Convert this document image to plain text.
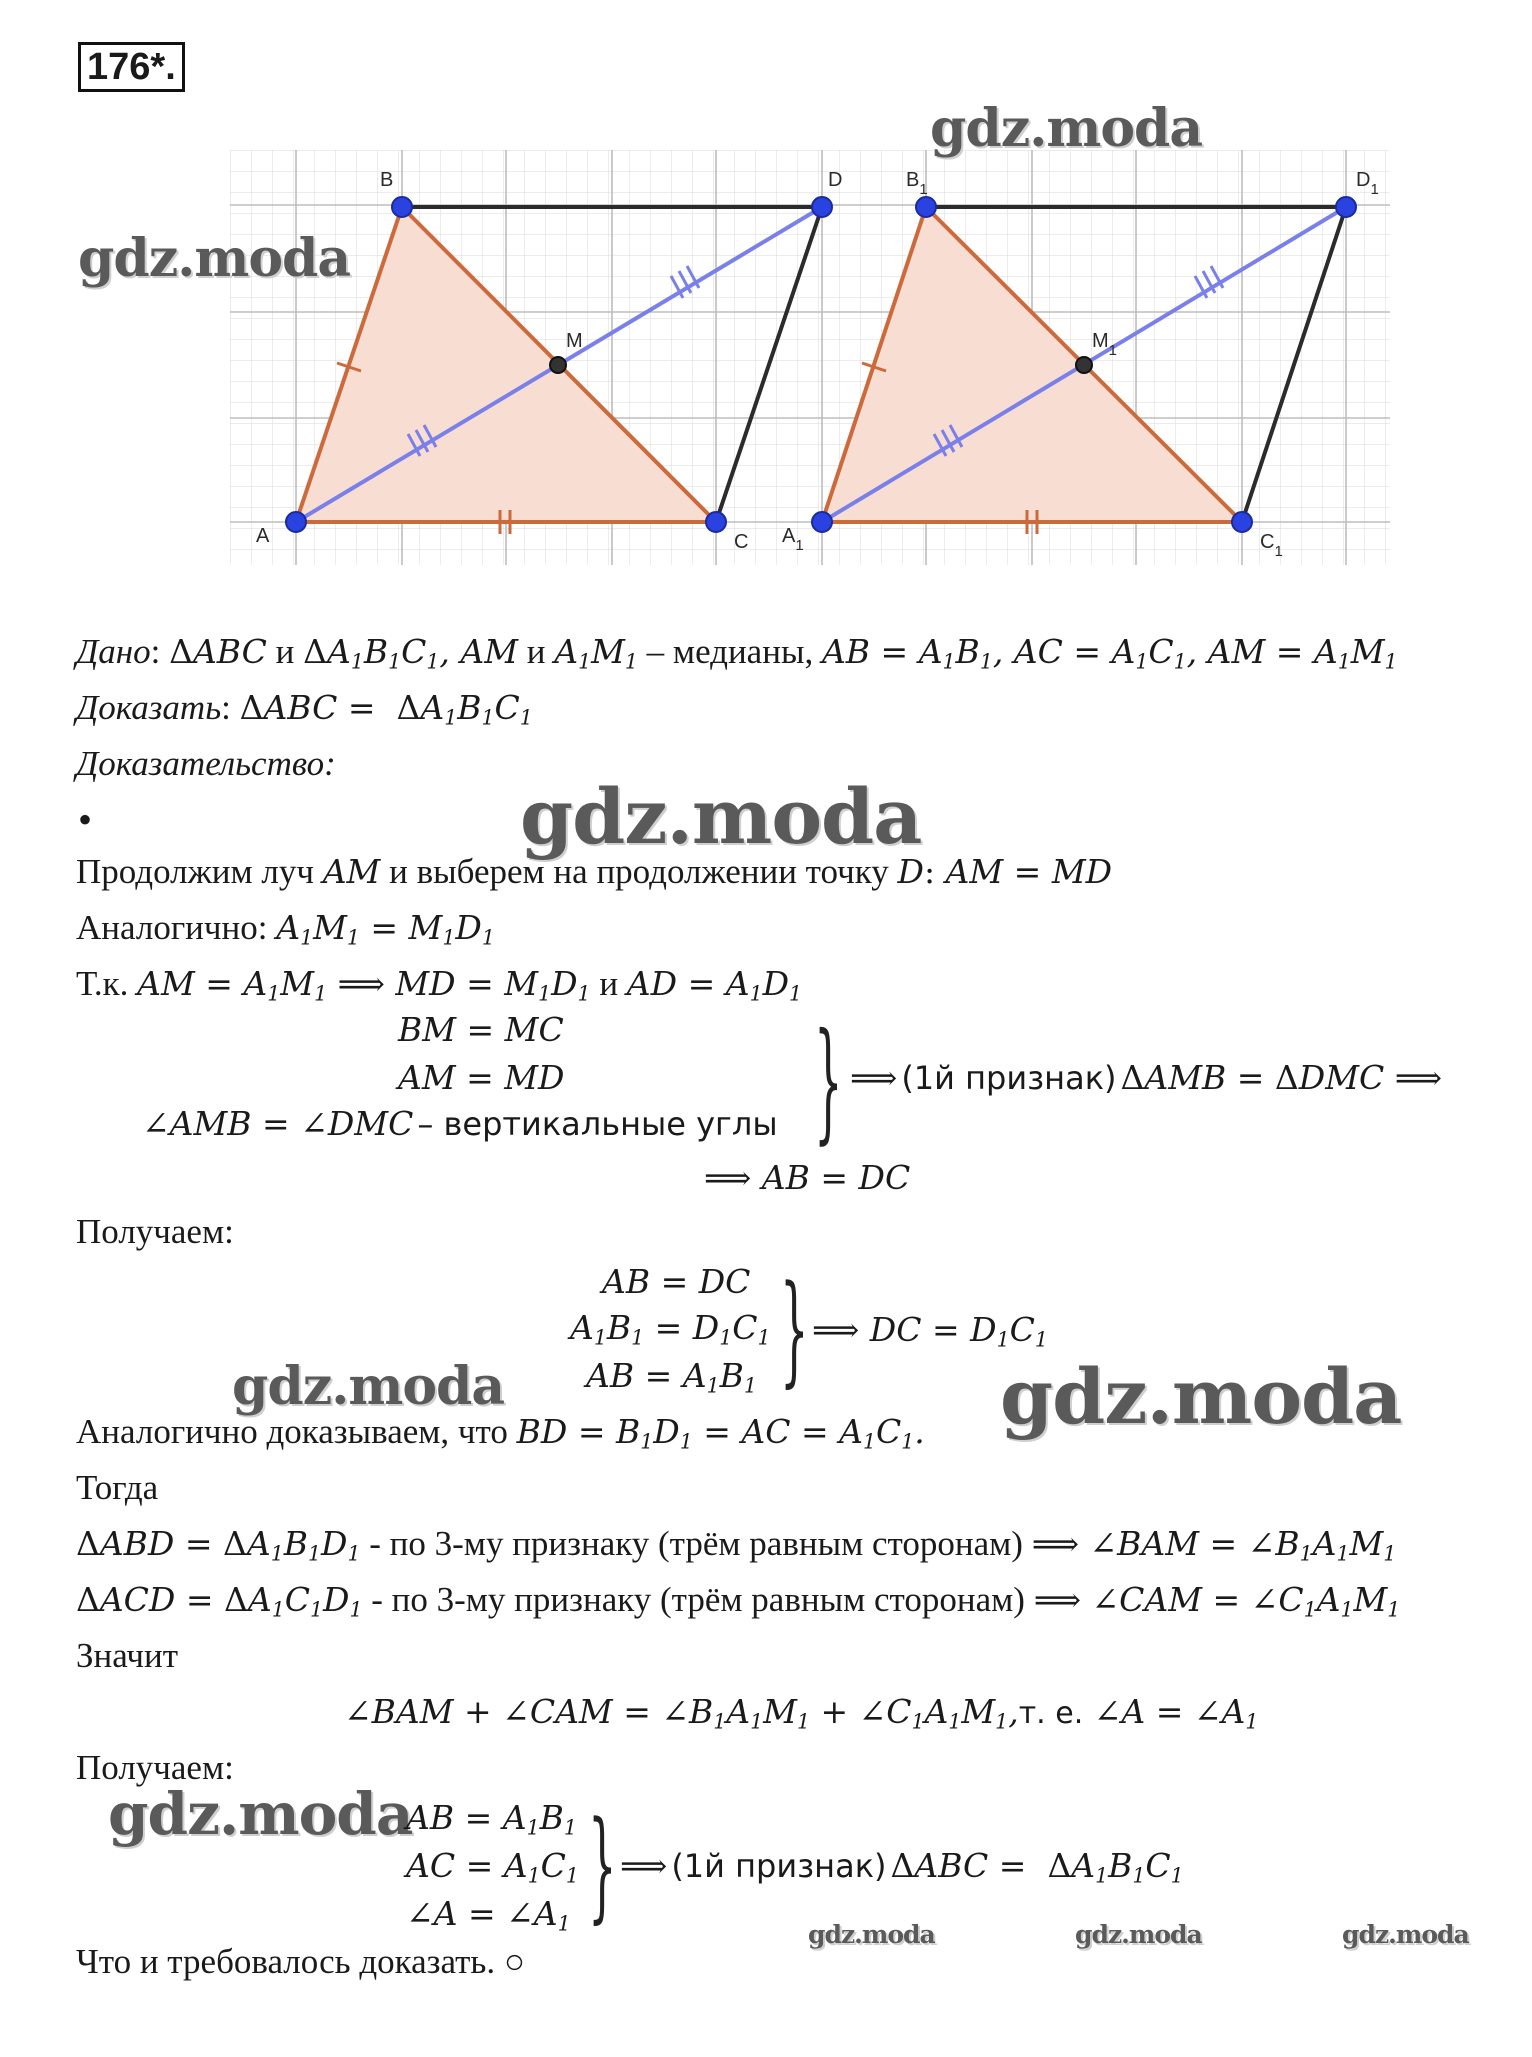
176*.
B	D
M
A	C
$B_1$	$D_1$
$M_1$
$A_1$	$C_1$
gdz.moda
gdz.moda
gdz.moda
gdz.moda	gdz.moda
gdz.moda
gdz.moda	gdz.moda	gdz.moda
Дано: ΔABC и $\Delta A_1B_1C_1$, AM и $A_1M_1$ – медианы, AB = $A_1B_1$, AC = $A_1C_1$, AM = $A_1M_1$
Доказать: $\Delta ABC = \Delta A_1B_1C_1$
Доказательство:
•
Продолжим луч AM и выберем на продолжении точку D: AM = MD
Аналогично: $A_1M_1 = M_1D_1$
Т.к. AM = $A_1M_1$ ⟹ MD = $M_1D_1$ и AD = $A_1D_1$
BM = MC
AM = MD
∠AMB = ∠DMC – вертикальные углы } ⟹ (1й признак) ΔAMB = ΔDMC ⟹
⟹ AB = DC
Получаем:
AB = DC
$A_1B_1 = D_1C_1$
AB = $A_1B_1$ } ⟹ DC = $D_1C_1$
Аналогично доказываем, что BD = $B_1D_1$ = AC = $A_1C_1$.
Тогда
$\Delta ABD = \Delta A_1B_1D_1$ - по 3-му признаку (трём равным сторонам) ⟹ ∠BAM = $\angle B_1A_1M_1$
$\Delta ACD = \Delta A_1C_1D_1$ - по 3-му признаку (трём равным сторонам) ⟹ ∠CAM = $\angle C_1A_1M_1$
Значит
∠BAM + ∠CAM = $\angle B_1A_1M_1$ + $\angle C_1A_1M_1,т$. е. ∠A = $\angle A_1$
Получаем:
AB = $A_1B_1$
AC = $A_1C_1$
∠A = $\angle A_1$ } ⟹ (1й признак) $\Delta ABC = \Delta A_1B_1C_1$
Что и требовалось доказать. ○
